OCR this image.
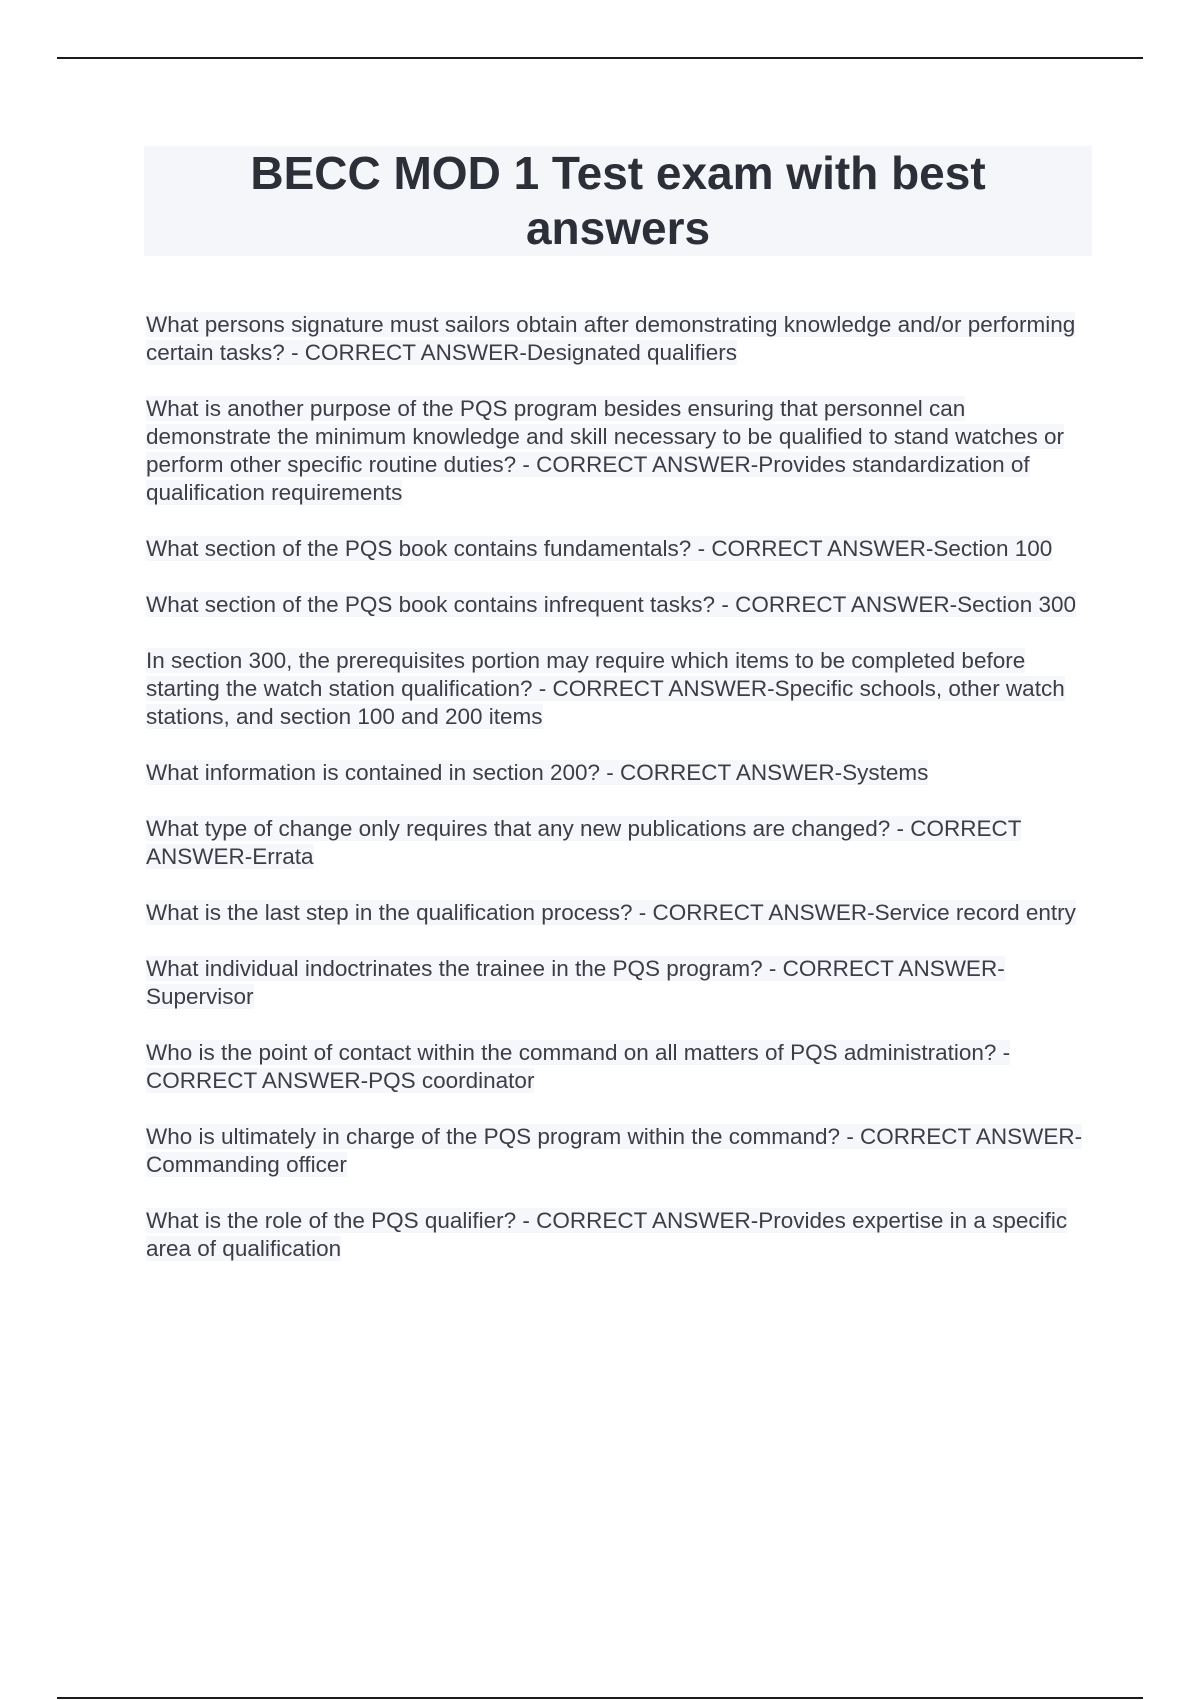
BECC MOD 1 Test exam with best answers
What persons signature must sailors obtain after demonstrating knowledge and/or performing certain tasks? - CORRECT ANSWER-Designated qualifiers
What is another purpose of the PQS program besides ensuring that personnel can demonstrate the minimum knowledge and skill necessary to be qualified to stand watches or perform other specific routine duties? - CORRECT ANSWER-Provides standardization of qualification requirements
What section of the PQS book contains fundamentals? - CORRECT ANSWER-Section 100
What section of the PQS book contains infrequent tasks? - CORRECT ANSWER-Section 300
In section 300, the prerequisites portion may require which items to be completed before starting the watch station qualification? - CORRECT ANSWER-Specific schools, other watch stations, and section 100 and 200 items
What information is contained in section 200? - CORRECT ANSWER-Systems
What type of change only requires that any new publications are changed? - CORRECT ANSWER-Errata
What is the last step in the qualification process? - CORRECT ANSWER-Service record entry
What individual indoctrinates the trainee in the PQS program? - CORRECT ANSWER-Supervisor
Who is the point of contact within the command on all matters of PQS administration? - CORRECT ANSWER-PQS coordinator
Who is ultimately in charge of the PQS program within the command? - CORRECT ANSWER-Commanding officer
What is the role of the PQS qualifier? - CORRECT ANSWER-Provides expertise in a specific area of qualification
